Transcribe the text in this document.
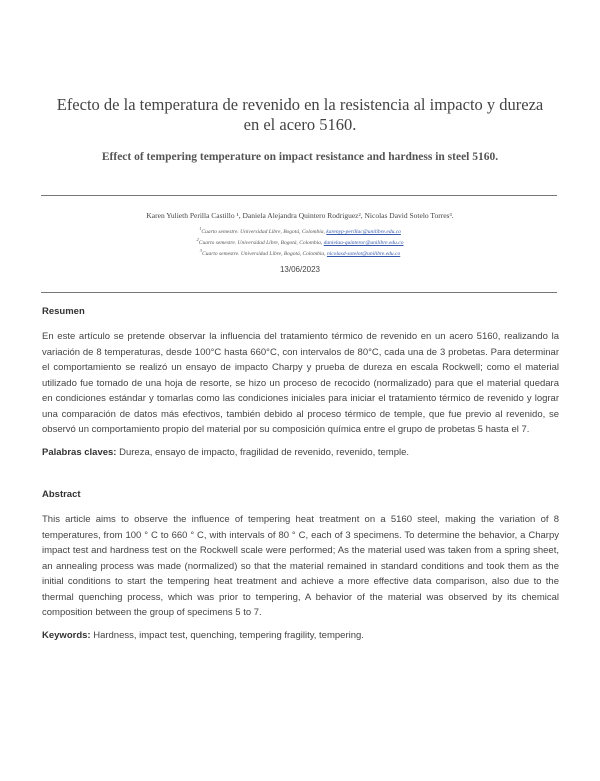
Efecto de la temperatura de revenido en la resistencia al impacto y dureza en el acero 5160.
Effect of tempering temperature on impact resistance and hardness in steel 5160.
Karen Yulieth Perilla Castillo ¹, Daniela Alejandra Quintero Rodriguez², Nicolas David Sotelo Torres³.
$^1$Cuarto semestre. Universidad Libre, Bogotá, Colombia, karenyp-perillac@unilibre.edu.co
$^2$Cuarto semestre. Universidad Libre, Bogotá, Colombia, danielaa-quinteror@unilibre.edu.co
$^3$Cuarto semestre. Universidad Libre, Bogotá, Colombia, nicolasd-sotelot@unilibre.edu.co
13/06/2023
Resumen
En este artículo se pretende observar la influencia del tratamiento térmico de revenido en un acero 5160, realizando la variación de 8 temperaturas, desde 100°C hasta 660°C, con intervalos de 80°C, cada una de 3 probetas. Para determinar el comportamiento se realizó un ensayo de impacto Charpy y prueba de dureza en escala Rockwell; como el material utilizado fue tomado de una hoja de resorte, se hizo un proceso de recocido (normalizado) para que el material quedara en condiciones estándar y tomarlas como las condiciones iniciales para iniciar el tratamiento térmico de revenido y lograr una comparación de datos más efectivos, también debido al proceso térmico de temple, que fue previo al revenido, se observó un comportamiento propio del material por su composición química entre el grupo de probetas 5 hasta el 7.
Palabras claves: Dureza, ensayo de impacto, fragilidad de revenido, revenido, temple.
Abstract
This article aims to observe the influence of tempering heat treatment on a 5160 steel, making the variation of 8 temperatures, from 100 ° C to 660 ° C, with intervals of 80 ° C, each of 3 specimens. To determine the behavior, a Charpy impact test and hardness test on the Rockwell scale were performed; As the material used was taken from a spring sheet, an annealing process was made (normalized) so that the material remained in standard conditions and took them as the initial conditions to start the tempering heat treatment and achieve a more effective data comparison, also due to the thermal quenching process, which was prior to tempering, A behavior of the material was observed by its chemical composition between the group of specimens 5 to 7.
Keywords: Hardness, impact test, quenching, tempering fragility, tempering.
